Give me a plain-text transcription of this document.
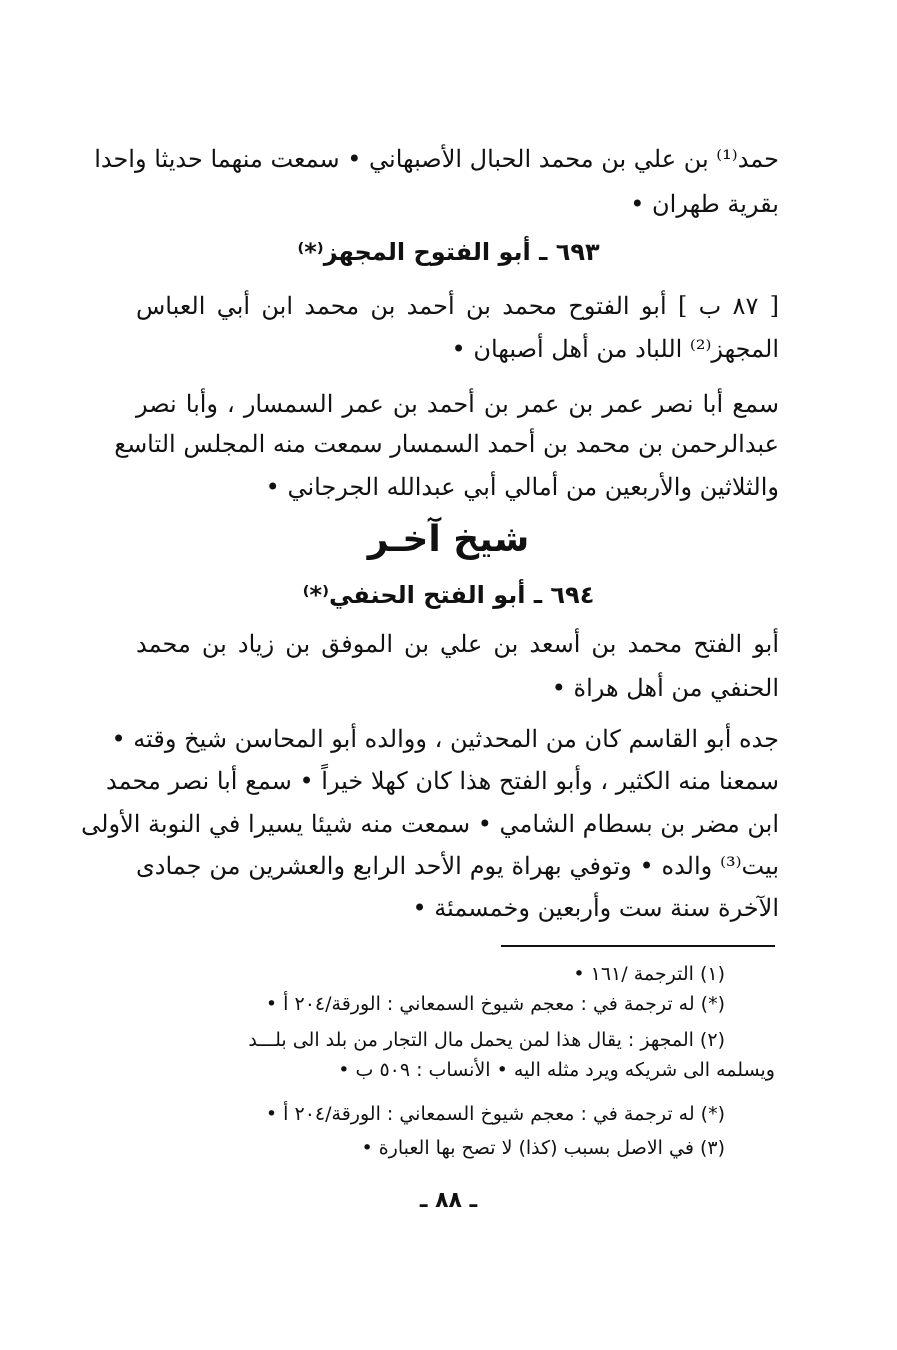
حمد⁽¹⁾ بن علي بن محمد الحبال الأصبهاني • سمعت منهما حديثا واحدا
بقرية طهران •
٦٩٣ ـ أبو الفتوح المجهز⁽*⁾
[ ٨٧ ب ] أبو الفتوح محمد بن أحمد بن محمد ابن أبي العباس
المجهز⁽²⁾ اللباد من أهل أصبهان •
سمع أبا نصر عمر بن عمر بن أحمد بن عمر السمسار ، وأبا نصر
عبدالرحمن بن محمد بن أحمد السمسار سمعت منه المجلس التاسع
والثلاثين والأربعين من أمالي أبي عبدالله الجرجاني •
شيخ آخـر
٦٩٤ ـ أبو الفتح الحنفي⁽*⁾
أبو الفتح محمد بن أسعد بن علي بن الموفق بن زياد بن محمد
الحنفي من أهل هراة •
جده أبو القاسم كان من المحدثين ، ووالده أبو المحاسن شيخ وقته •
سمعنا منه الكثير ، وأبو الفتح هذا كان كهلا خيراً • سمع أبا نصر محمد
ابن مضر بن بسطام الشامي • سمعت منه شيئا يسيرا في النوبة الأولى
بيت⁽³⁾ والده • وتوفي بهراة يوم الأحد الرابع والعشرين من جمادى
الآخرة سنة ست وأربعين وخمسمئة •
(١) الترجمة /١٦١ •
(*) له ترجمة في : معجم شيوخ السمعاني : الورقة/٢٠٤ أ •
(٢) المجهز : يقال هذا لمن يحمل مال التجار من بلد الى بلـــد
ويسلمه الى شريكه ويرد مثله اليه • الأنساب : ٥٠٩ ب •
(*) له ترجمة في : معجم شيوخ السمعاني : الورقة/٢٠٤ أ •
(٣) في الاصل بسبب (كذا) لا تصح بها العبارة •
ـ ٨٨ ـ
